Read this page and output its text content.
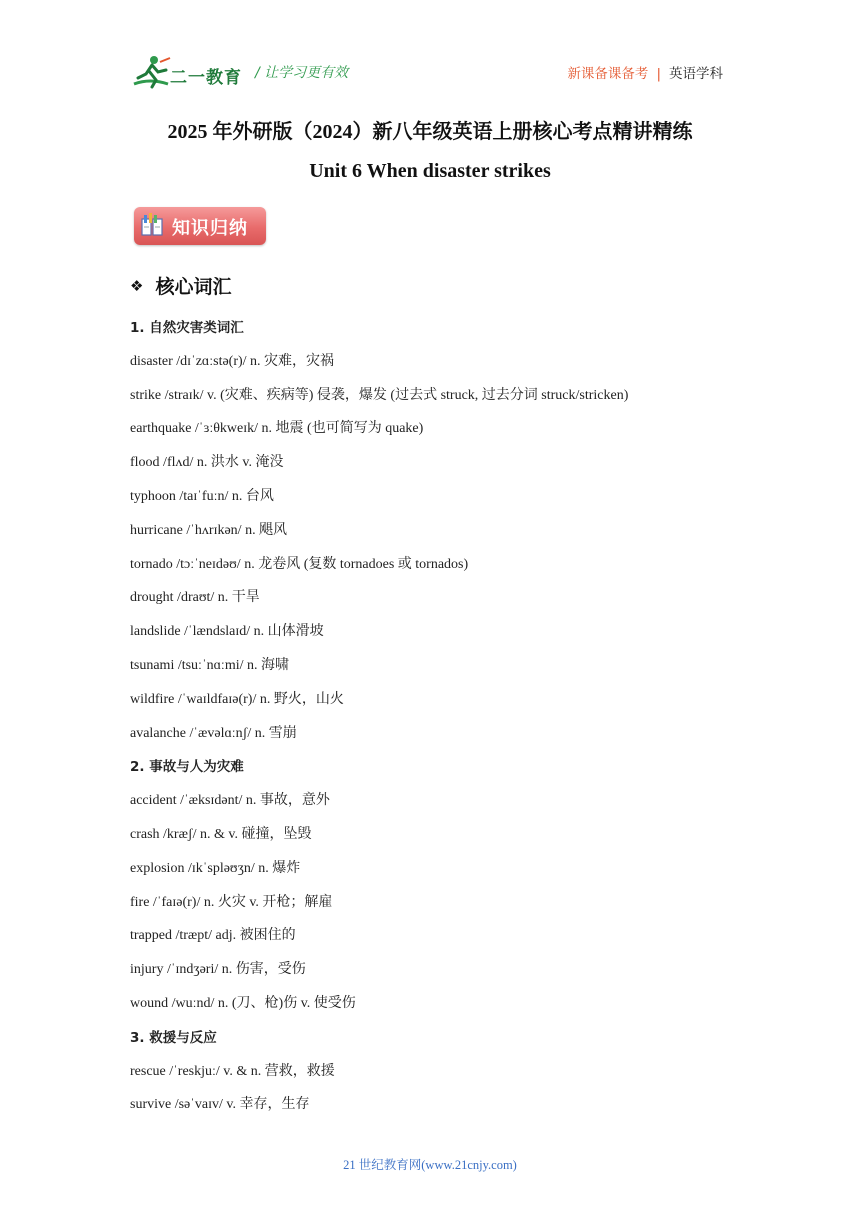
二一教育 / 让学习更有效	新课备课备考 | 英语学科
2025 年外研版（2024）新八年级英语上册核心考点精讲精练
Unit 6 When disaster strikes
知识归纳
❖ 核心词汇
1. 自然灾害类词汇
disaster /dɪˈzɑːstə(r)/ n. 灾难，灾祸
strike /straɪk/ v. (灾难、疾病等) 侵袭，爆发 (过去式 struck, 过去分词 struck/stricken)
earthquake /ˈɜːθkweɪk/ n. 地震 (也可简写为 quake)
flood /flʌd/ n. 洪水 v. 淹没
typhoon /taɪˈfuːn/ n. 台风
hurricane /ˈhʌrɪkən/ n. 飓风
tornado /tɔːˈneɪdəʊ/ n. 龙卷风 (复数 tornadoes 或 tornados)
drought /draʊt/ n. 干旱
landslide /ˈlændslaɪd/ n. 山体滑坡
tsunami /tsuːˈnɑːmi/ n. 海啸
wildfire /ˈwaɪldfaɪə(r)/ n. 野火，山火
avalanche /ˈævəlɑːnʃ/ n. 雪崩
2. 事故与人为灾难
accident /ˈæksɪdənt/ n. 事故，意外
crash /kræʃ/ n. & v. 碰撞，坠毁
explosion /ɪkˈspləʊʒn/ n. 爆炸
fire /ˈfaɪə(r)/ n. 火灾 v. 开枪；解雇
trapped /træpt/ adj. 被困住的
injury /ˈɪndʒəri/ n. 伤害，受伤
wound /wuːnd/ n. (刀、枪)伤 v. 使受伤
3. 救援与反应
rescue /ˈreskjuː/ v. & n. 营救，救援
survive /səˈvaɪv/ v. 幸存，生存
21 世纪教育网(www.21cnjy.com)
